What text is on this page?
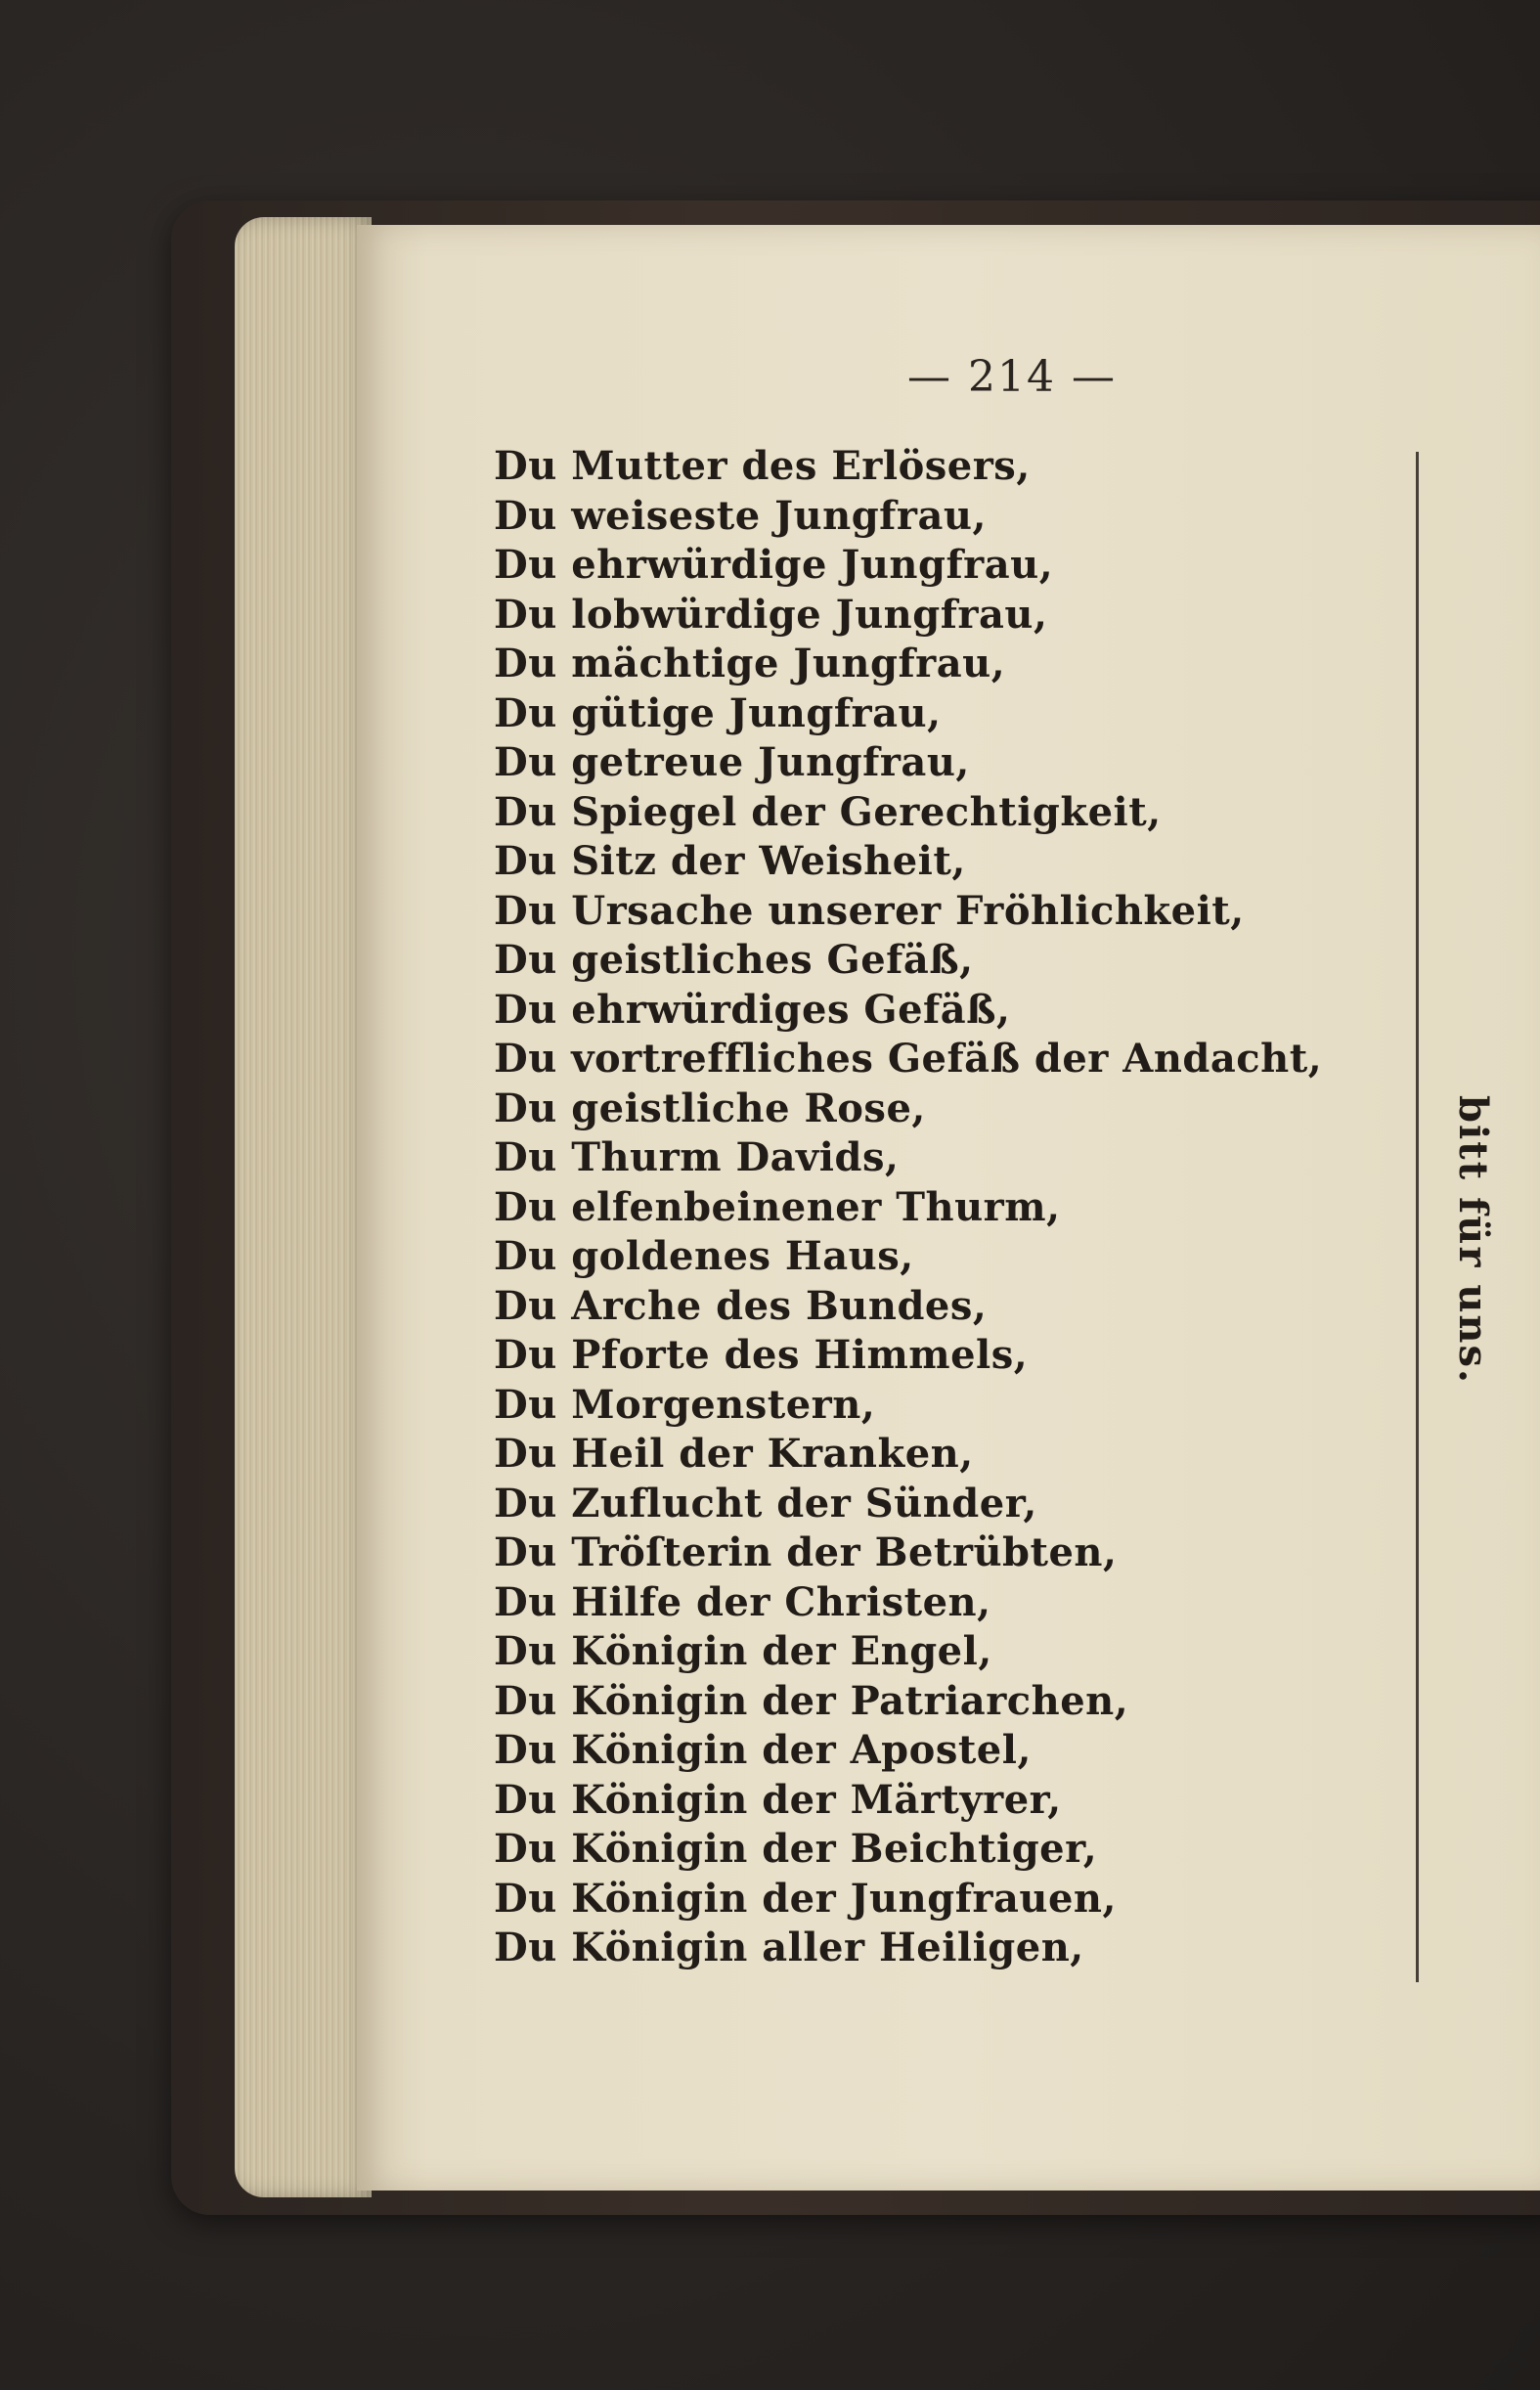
— 214 —
Du Mutter des Erlösers,
Du weiseste Jungfrau,
Du ehrwürdige Jungfrau,
Du lobwürdige Jungfrau,
Du mächtige Jungfrau,
Du gütige Jungfrau,
Du getreue Jungfrau,
Du Spiegel der Gerechtigkeit,
Du Sitz der Weisheit,
Du Ursache unserer Fröhlichkeit,
Du geistliches Gefäß,
Du ehrwürdiges Gefäß,
Du vortreffliches Gefäß der Andacht,
Du geistliche Rose,
Du Thurm Davids,
Du elfenbeinener Thurm,
Du goldenes Haus,
Du Arche des Bundes,
Du Pforte des Himmels,
Du Morgenstern,
Du Heil der Kranken,
Du Zuflucht der Sünder,
Du Tröſterin der Betrübten,
Du Hilfe der Christen,
Du Königin der Engel,
Du Königin der Patriarchen,
Du Königin der Apostel,
Du Königin der Märtyrer,
Du Königin der Beichtiger,
Du Königin der Jungfrauen,
Du Königin aller Heiligen,
bitt für uns.
